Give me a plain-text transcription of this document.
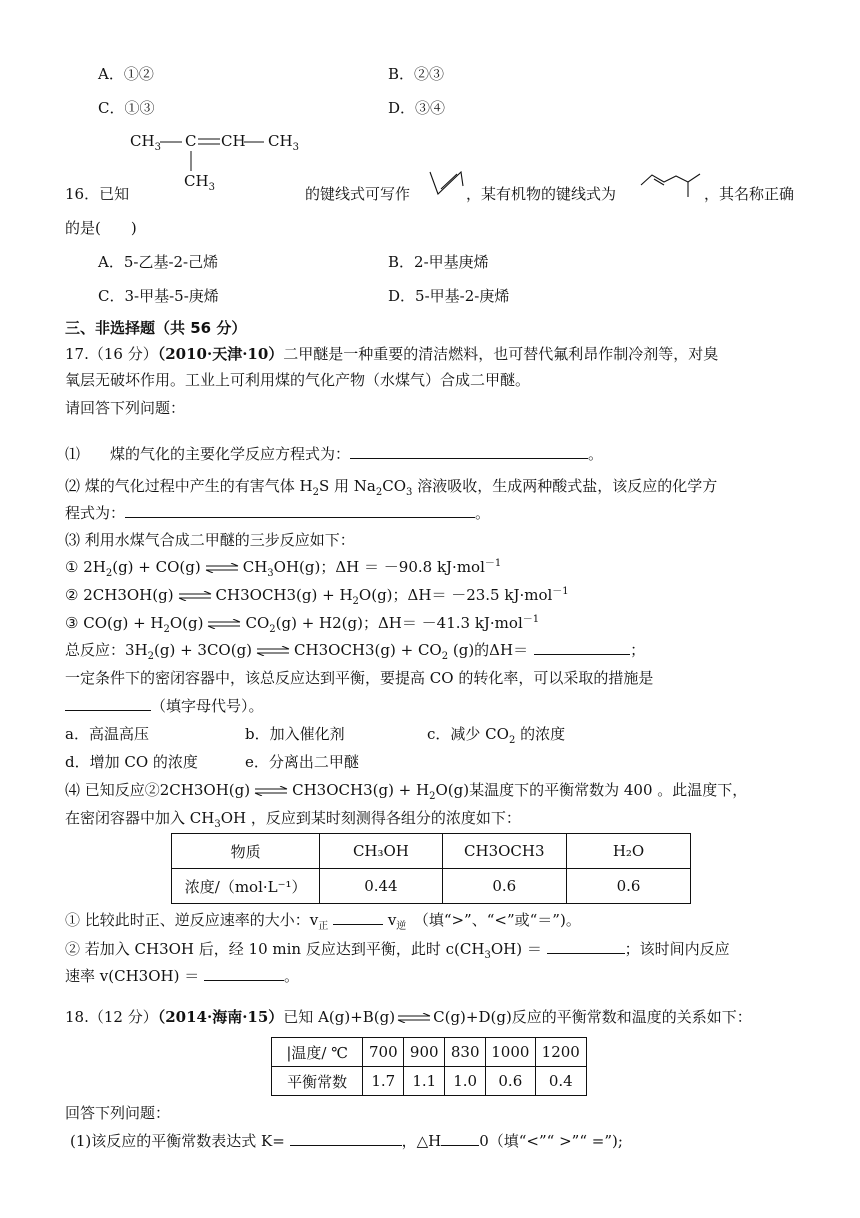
A．①②	B．②③
C．①③	D．③④
$CH_3$ C CH $CH_3$
$CH_3$
16．已知	的键线式可写作	，某有机物的键线式为	，其名称正确
的是(　　)
A．5-乙基-2-己烯	B．2-甲基庚烯
C．3-甲基-5-庚烯	D．5-甲基-2-庚烯
三、非选择题（共 56 分）
17.（16 分）（2010·天津·10）二甲醚是一种重要的清洁燃料，也可替代氟利昂作制冷剂等，对臭
氧层无破坏作用。工业上可利用煤的气化产物（水煤气）合成二甲醚。
请回答下列问题：
⑴　　煤的气化的主要化学反应方程式为：	。
⑵ 煤的气化过程中产生的有害气体 $H_2S$ 用 $Na_2CO_3$ 溶液吸收，生成两种酸式盐，该反应的化学方
程式为：	。
⑶ 利用水煤气合成二甲醚的三步反应如下：
① $2H_2(g) + CO(g)$	$CH_3OH(g)$；ΔH ＝ －90.8 kJ·mol$^{-1}$
② 2CH3OH(g)	$CH3OCH3(g) + H_2O(g)$；ΔH＝ －23.5 kJ·mol$^{-1}$
③ $CO(g) + H_2O(g)$	$CO_2(g) + H2(g)$；ΔH＝ －41.3 kJ·mol$^{-1}$
总反应：$3H_2(g) + 3CO(g)$	$CH3OCH3(g) + CO_2$ (g)的ΔH＝	；
一定条件下的密闭容器中，该总反应达到平衡，要提高 CO 的转化率，可以采取的措施是
（填字母代号）。
a．高温高压	b．加入催化剂	c．减少 $CO_2$ 的浓度
d．增加 CO 的浓度	e．分离出二甲醚
⑷ 已知反应②2CH3OH(g)	$CH3OCH3(g) + H_2O(g)$某温度下的平衡常数为 400 。此温度下，
在密闭容器中加入 $CH_3OH$ ，反应到某时刻测得各组分的浓度如下：
物质	CH₃OH	CH3OCH3	H₂O
浓度/（mol·L⁻¹）	0.44	0.6	0.6
① 比较此时正、逆反应速率的大小：$v_正$	$v_逆$　 （填“>”、“<”或“＝”)。
② 若加入 CH3OH 后，经 10 min 反应达到平衡，此时 $c(CH_3OH)$ ＝	；该时间内反应
速率 v(CH3OH) ＝	。
18.（12 分）（2014·海南·15）已知 A(g)+B(g)	C(g)+D(g)反应的平衡常数和温度的关系如下：
|温度/ ℃	700	900	830	1000	1200
平衡常数	1.7	1.1	1.0	0.6	0.4
回答下列问题：
(1)该反应的平衡常数表达式 K=	，△H	0（填“<”“ >”“ =”);
